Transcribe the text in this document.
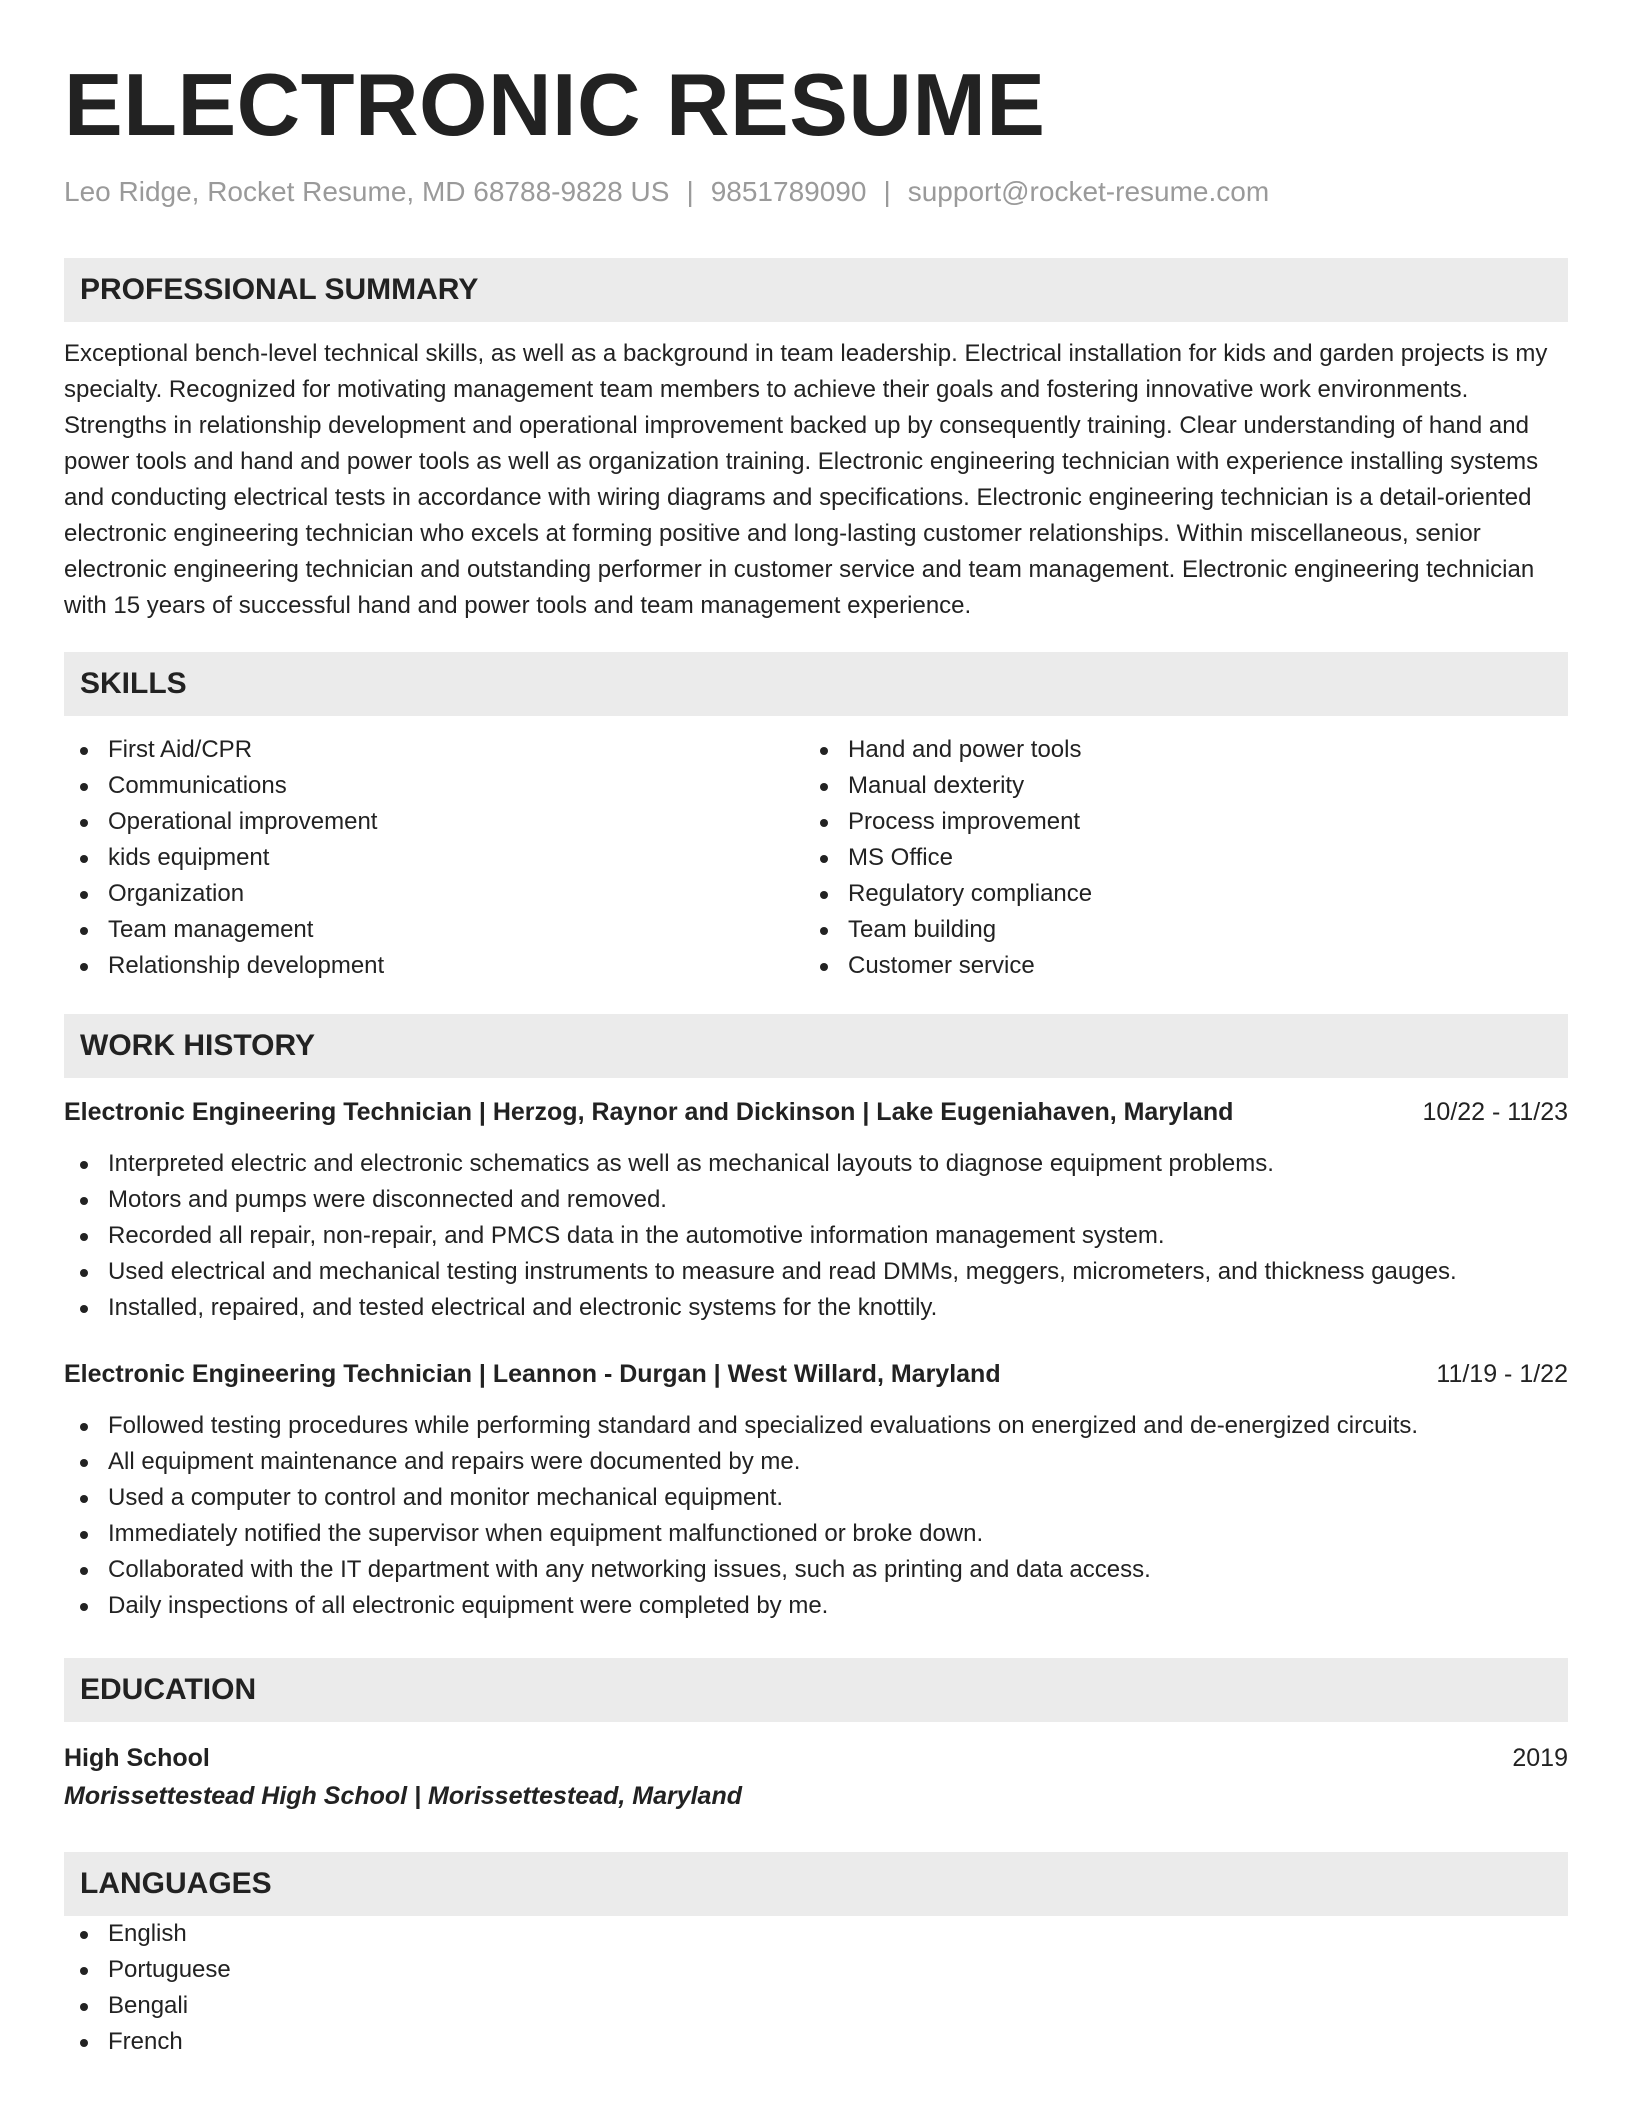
ELECTRONIC RESUME
Leo Ridge, Rocket Resume, MD 68788-9828 US | 9851789090 | support@rocket-resume.com
PROFESSIONAL SUMMARY

Exceptional bench-level technical skills, as well as a background in team leadership. Electrical installation for kids and garden projects is my specialty. Recognized for motivating management team members to achieve their goals and fostering innovative work environments. Strengths in relationship development and operational improvement backed up by consequently training. Clear understanding of hand and power tools and hand and power tools as well as organization training. Electronic engineering technician with experience installing systems and conducting electrical tests in accordance with wiring diagrams and specifications. Electronic engineering technician is a detail-oriented electronic engineering technician who excels at forming positive and long-lasting customer relationships. Within miscellaneous, senior electronic engineering technician and outstanding performer in customer service and team management. Electronic engineering technician with 15 years of successful hand and power tools and team management experience.

SKILLS
First Aid/CPR
Communications
Operational improvement
kids equipment
Organization
Team management
Relationship development
Hand and power tools
Manual dexterity
Process improvement
MS Office
Regulatory compliance
Team building
Customer service
WORK HISTORY
Electronic Engineering Technician | Herzog, Raynor and Dickinson | Lake Eugeniahaven, Maryland	10/22 - 11/23
Interpreted electric and electronic schematics as well as mechanical layouts to diagnose equipment problems.
Motors and pumps were disconnected and removed.
Recorded all repair, non-repair, and PMCS data in the automotive information management system.
Used electrical and mechanical testing instruments to measure and read DMMs, meggers, micrometers, and thickness gauges.
Installed, repaired, and tested electrical and electronic systems for the knottily.
Electronic Engineering Technician | Leannon - Durgan | West Willard, Maryland	11/19 - 1/22
Followed testing procedures while performing standard and specialized evaluations on energized and de-energized circuits.
All equipment maintenance and repairs were documented by me.
Used a computer to control and monitor mechanical equipment.
Immediately notified the supervisor when equipment malfunctioned or broke down.
Collaborated with the IT department with any networking issues, such as printing and data access.
Daily inspections of all electronic equipment were completed by me.
EDUCATION
High School	2019
Morissettestead High School | Morissettestead, Maryland
LANGUAGES
English
Portuguese
Bengali
French
